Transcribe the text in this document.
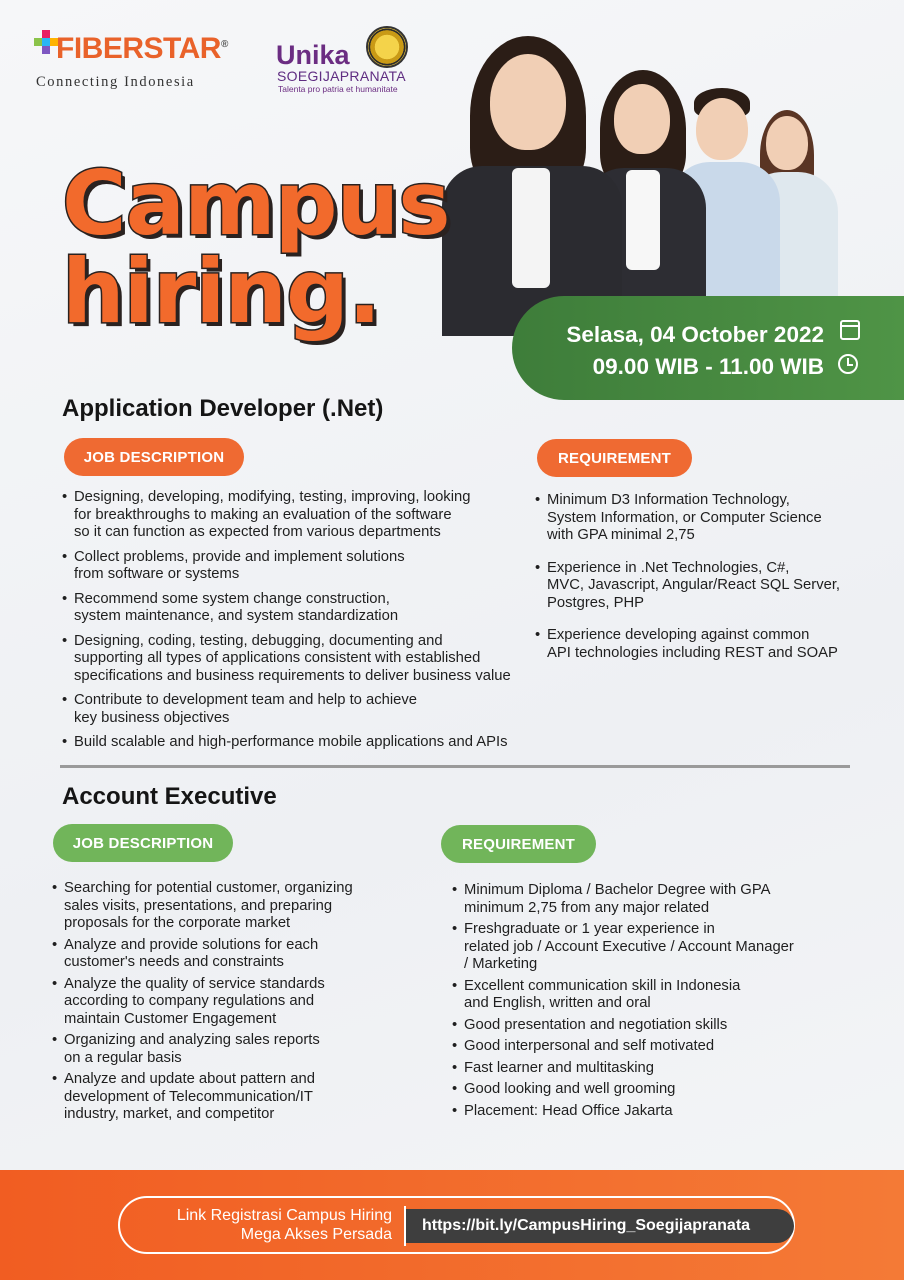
FIBERSTAR®
Connecting Indonesia
Unika
SOEGIJAPRANATA
Talenta pro patria et humanitate
Campus
hiring.	Selasa, 04 October 2022
09.00 WIB - 11.00 WIB
Application Developer (.Net)
JOB DESCRIPTION	REQUIREMENT
• Designing, developing, modifying, testing, improving, looking
for breakthroughs to making an evaluation of the software
so it can function as expected from various departments
• Collect problems, provide and implement solutions
from software or systems
• Recommend some system change construction,
system maintenance, and system standardization
• Designing, coding, testing, debugging, documenting and
supporting all types of applications consistent with established
specifications and business requirements to deliver business value
• Contribute to development team and help to achieve
key business objectives
• Build scalable and high-performance mobile applications and APIs
• Minimum D3 Information Technology,
System Information, or Computer Science
with GPA minimal 2,75
• Experience in .Net Technologies, C#,
MVC, Javascript, Angular/React SQL Server,
Postgres, PHP
• Experience developing against common
API technologies including REST and SOAP
Account Executive
JOB DESCRIPTION	REQUIREMENT
• Searching for potential customer, organizing
sales visits, presentations, and preparing
proposals for the corporate market
• Analyze and provide solutions for each
customer's needs and constraints
• Analyze the quality of service standards
according to company regulations and
maintain Customer Engagement
• Organizing and analyzing sales reports
on a regular basis
• Analyze and update about pattern and
development of Telecommunication/IT
industry, market, and competitor
• Minimum Diploma / Bachelor Degree with GPA
minimum 2,75 from any major related
• Freshgraduate or 1 year experience in
related job / Account Executive / Account Manager
/ Marketing
• Excellent communication skill in Indonesia
and English, written and oral
• Good presentation and negotiation skills
• Good interpersonal and self motivated
• Fast learner and multitasking
• Good looking and well grooming
• Placement: Head Office Jakarta
Link Registrasi Campus Hiring
Mega Akses Persada
https://bit.ly/CampusHiring_Soegijapranata
